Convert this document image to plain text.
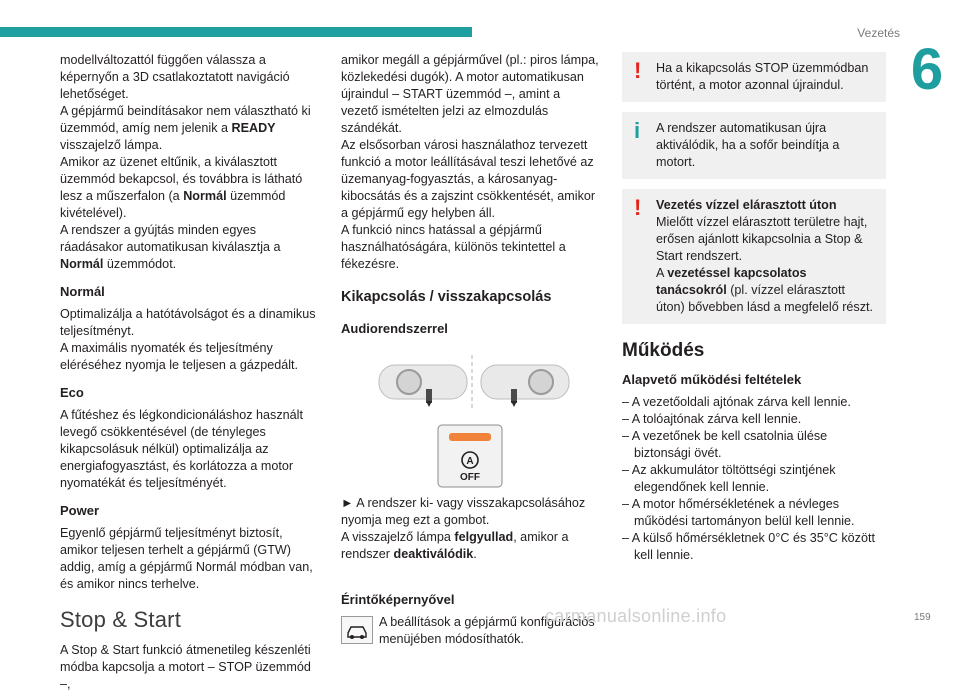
Vezetés
6

modellváltozattól függően válassza a képernyőn a 3D csatlakoztatott navigáció lehetőséget.

A gépjármű beindításakor nem választható ki üzemmód, amíg nem jelenik a READY visszajelző lámpa.

Amikor az üzenet eltűnik, a kiválasztott üzemmód bekapcsol, és továbbra is látható lesz a műszerfalon (a Normál üzemmód kivételével).

A rendszer a gyújtás minden egyes ráadásakor automatikusan kiválasztja a Normál üzemmódot.

Normál

Optimalizálja a hatótávolságot és a dinamikus teljesítményt.

A maximális nyomaték és teljesítmény eléréséhez nyomja le teljesen a gázpedált.

Eco

A fűtéshez és légkondicionáláshoz használt levegő csökkentésével (de tényleges kikapcsolásuk nélkül) optimalizálja az energiafogyasztást, és korlátozza a motor nyomatékát és teljesítményét.

Power

Egyenlő gépjármű teljesítményt biztosít, amikor teljesen terhelt a gépjármű (GTW) addig, amíg a gépjármű Normál módban van, és amikor nincs terhelve.

Stop & Start

A Stop & Start funkció átmenetileg készenléti módba kapcsolja a motort – STOP üzemmód –,

amikor megáll a gépjárművel (pl.: piros lámpa, közlekedési dugók). A motor automatikusan újraindul – START üzemmód –, amint a vezető ismételten jelzi az elmozdulás szándékát.

Az elsősorban városi használathoz tervezett funkció a motor leállításával teszi lehetővé az üzemanyag-fogyasztás, a károsanyag-kibocsátás és a zajszint csökkentését, amikor a gépjármű egy helyben áll.

A funkció nincs hatással a gépjármű használhatóságára, különös tekintettel a fékezésre.

Kikapcsolás / visszakapcsolás
Audiorendszerrel
A
OFF

► A rendszer ki- vagy visszakapcsolásához nyomja meg ezt a gombot.

A visszajelző lámpa felgyullad, amikor a rendszer deaktiválódik.

Érintőképernyővel

A beállítások a gépjármű konfigurációs menüjében módosíthatók.

! Ha a kikapcsolás STOP üzemmódban történt, a motor azonnal újraindul.

i A rendszer automatikusan újra aktiválódik, ha a sofőr beindítja a motort.

! Vezetés vízzel elárasztott úton

Mielőtt vízzel elárasztott területre hajt, erősen ajánlott kikapcsolnia a Stop & Start rendszert.

A vezetéssel kapcsolatos tanácsokról (pl. vízzel elárasztott úton) bővebben lásd a megfelelő részt.

Működés
Alapvető működési feltételek

– A vezetőoldali ajtónak zárva kell lennie.

– A tolóajtónak zárva kell lennie.

– A vezetőnek be kell csatolnia ülése biztonsági övét.

– Az akkumulátor töltöttségi szintjének elegendőnek kell lennie.

– A motor hőmérsékletének a névleges működési tartományon belül kell lennie.

– A külső hőmérsékletnek 0°C és 35°C között kell lennie.

carmanualsonline.info	159
